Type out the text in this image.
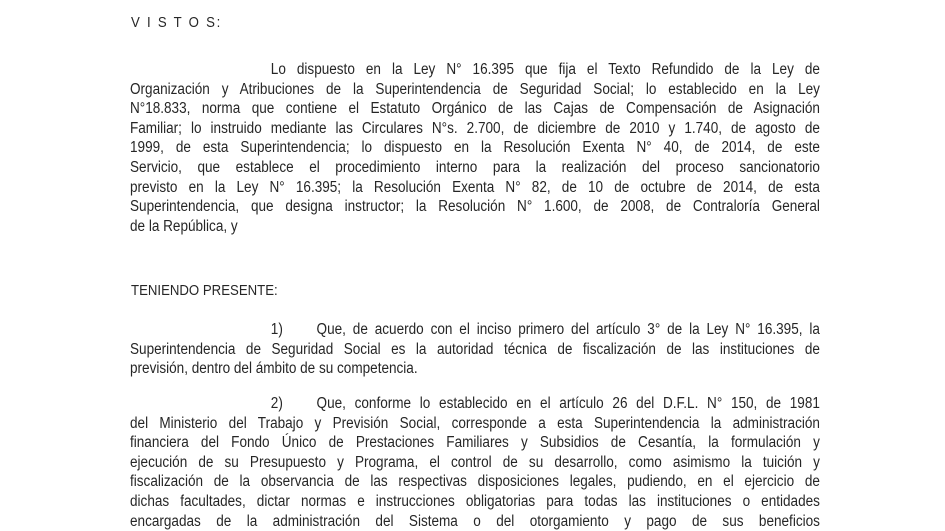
V I S T O S:
Lo dispuesto en la Ley N° 16.395 que fija el Texto Refundido de la Ley de
Organización y Atribuciones de la Superintendencia de Seguridad Social; lo establecido en la Ley
N°18.833, norma que contiene el Estatuto Orgánico de las Cajas de Compensación de Asignación
Familiar; lo instruido mediante las Circulares N°s. 2.700, de diciembre de 2010 y 1.740, de agosto de
1999, de esta Superintendencia; lo dispuesto en la Resolución Exenta N° 40, de 2014, de este
Servicio, que establece el procedimiento interno para la realización del proceso sancionatorio
previsto en la Ley N° 16.395; la Resolución Exenta N° 82, de 10 de octubre de 2014, de esta
Superintendencia, que designa instructor; la Resolución N° 1.600, de 2008, de Contraloría General
de la República, y
TENIENDO PRESENTE:
1)	Que, de acuerdo con el inciso primero del artículo 3° de la Ley N° 16.395, la
Superintendencia de Seguridad Social es la autoridad técnica de fiscalización de las instituciones de
previsión, dentro del ámbito de su competencia.
2)	Que, conforme lo establecido en el artículo 26 del D.F.L. N° 150, de 1981
del Ministerio del Trabajo y Previsión Social, corresponde a esta Superintendencia la administración
financiera del Fondo Único de Prestaciones Familiares y Subsidios de Cesantía, la formulación y
ejecución de su Presupuesto y Programa, el control de su desarrollo, como asimismo la tuición y
fiscalización de la observancia de las respectivas disposiciones legales, pudiendo, en el ejercicio de
dichas facultades, dictar normas e instrucciones obligatorias para todas las instituciones o entidades
encargadas de la administración del Sistema o del otorgamiento y pago de sus beneficios
